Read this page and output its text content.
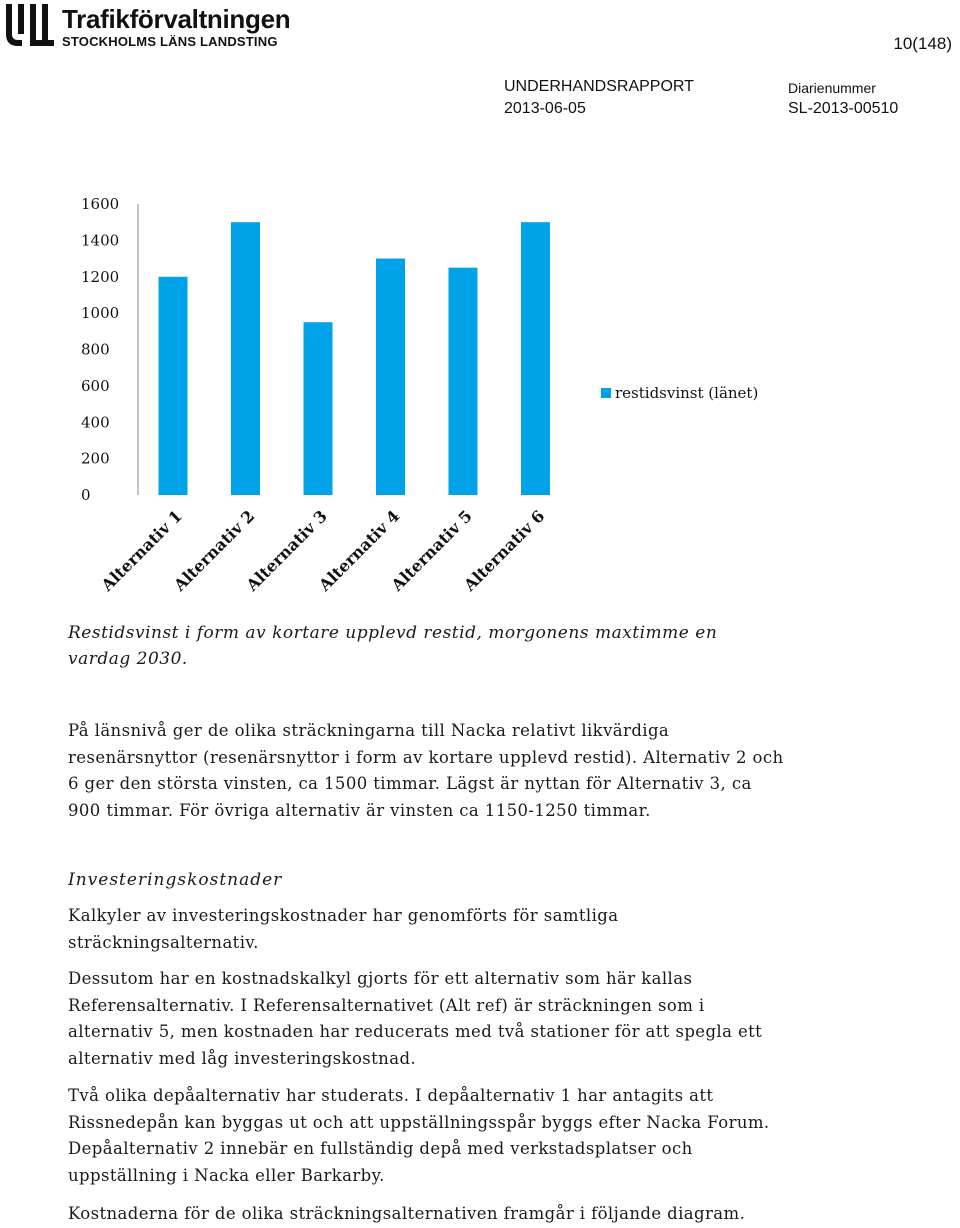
Trafikförvaltningen
STOCKHOLMS LÄNS LANDSTING	10(148)
UNDERHANDSRAPPORT
2013-06-05
Diarienummer
SL-2013-00510
0
200
400
600
800
1000
1200
1400
1600
Alternativ 1
Alternativ 2
Alternativ 3
Alternativ 4
Alternativ 5
Alternativ 6
restidsvinst (länet)
Restidsvinst i form av kortare upplevd restid, morgonens maxtimme en vardag 2030.
På länsnivå ger de olika sträckningarna till Nacka relativt likvärdiga resenärsnyttor (resenärsnyttor i form av kortare upplevd restid). Alternativ 2 och 6 ger den största vinsten, ca 1500 timmar. Lägst är nyttan för Alternativ 3, ca 900 timmar. För övriga alternativ är vinsten ca 1150-1250 timmar.
Investeringskostnader
Kalkyler av investeringskostnader har genomförts för samtliga sträckningsalternativ.
Dessutom har en kostnadskalkyl gjorts för ett alternativ som här kallas Referensalternativ. I Referensalternativet (Alt ref) är sträckningen som i alternativ 5, men kostnaden har reducerats med två stationer för att spegla ett alternativ med låg investeringskostnad.
Två olika depåalternativ har studerats. I depåalternativ 1 har antagits att Rissnedepån kan byggas ut och att uppställningsspår byggs efter Nacka Forum. Depåalternativ 2 innebär en fullständig depå med verkstadsplatser och uppställning i Nacka eller Barkarby.
Kostnaderna för de olika sträckningsalternativen framgår i följande diagram.
